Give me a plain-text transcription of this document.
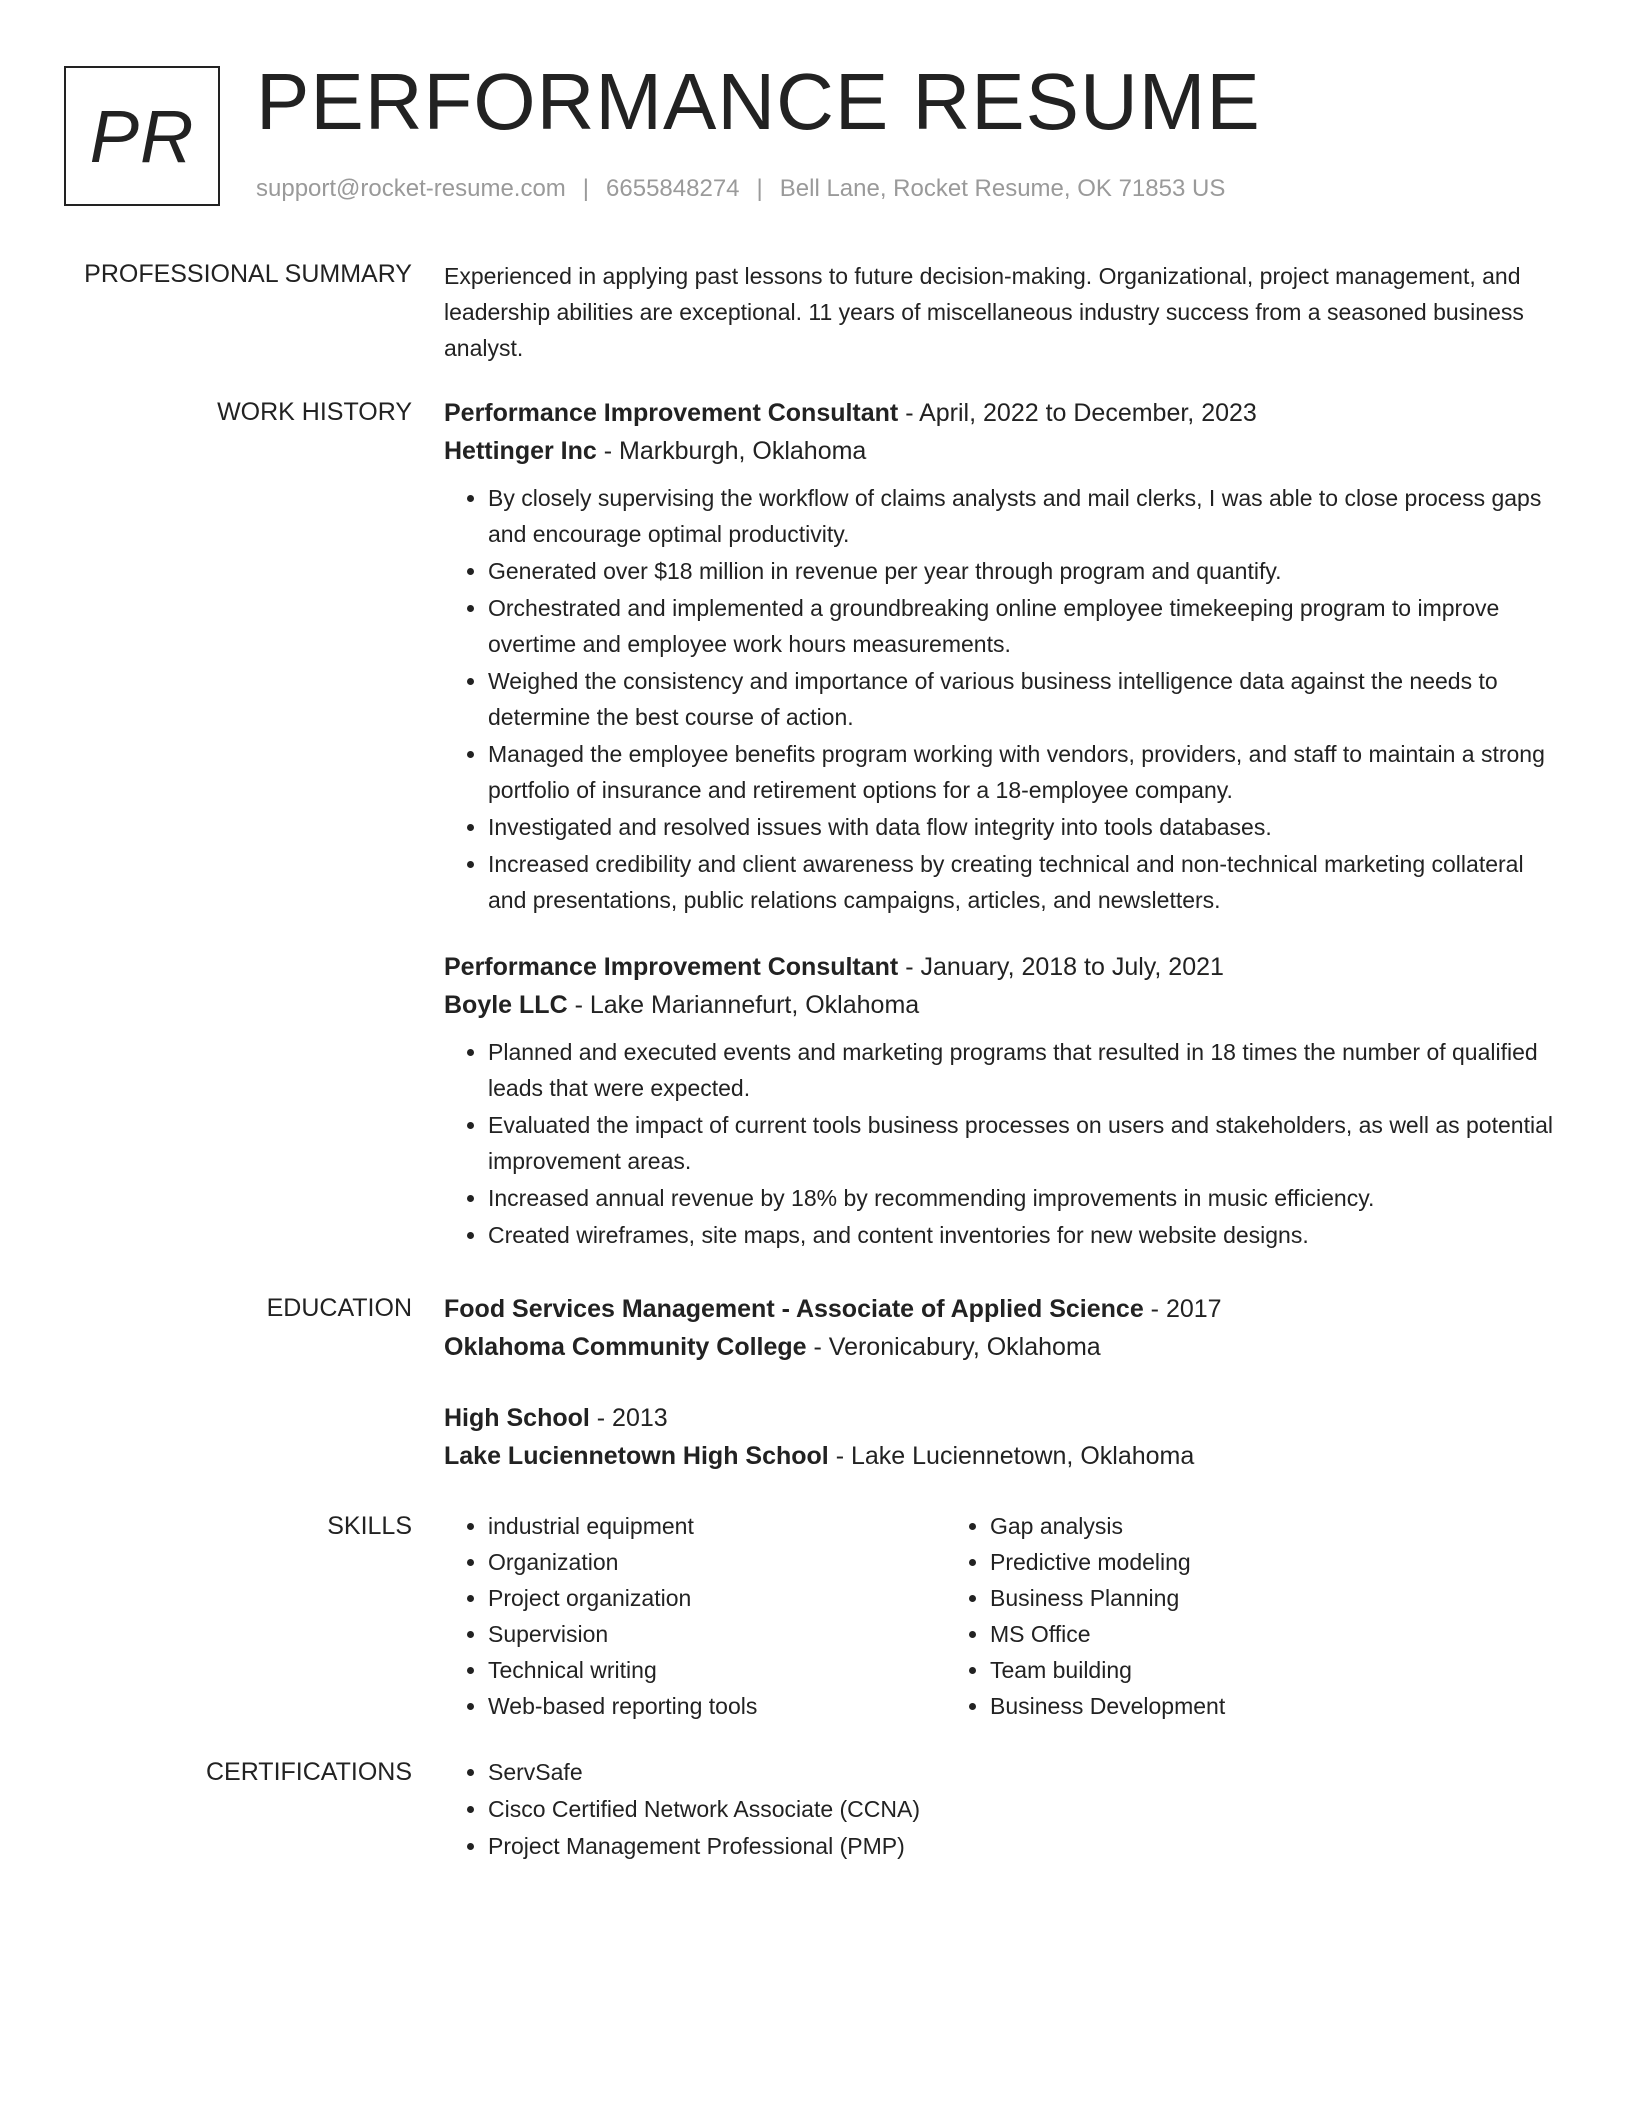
PR PERFORMANCE RESUME
support@rocket-resume.com | 6655848274 | Bell Lane, Rocket Resume, OK 71853 US
PROFESSIONAL SUMMARY Experienced in applying past lessons to future decision-making. Organizational, project management, and leadership abilities are exceptional. 11 years of miscellaneous industry success from a seasoned business analyst.

WORK HISTORY Performance Improvement Consultant - April, 2022 to December, 2023

Hettinger Inc - Markburgh, Oklahoma

• By closely supervising the workflow of claims analysts and mail clerks, I was able to close process gaps and encourage optimal productivity.
• Generated over $18 million in revenue per year through program and quantify.
• Orchestrated and implemented a groundbreaking online employee timekeeping program to improve overtime and employee work hours measurements.
• Weighed the consistency and importance of various business intelligence data against the needs to determine the best course of action.
• Managed the employee benefits program working with vendors, providers, and staff to maintain a strong portfolio of insurance and retirement options for a 18-employee company.
• Investigated and resolved issues with data flow integrity into tools databases.
• Increased credibility and client awareness by creating technical and non-technical marketing collateral and presentations, public relations campaigns, articles, and newsletters.

Performance Improvement Consultant - January, 2018 to July, 2021

Boyle LLC - Lake Mariannefurt, Oklahoma

• Planned and executed events and marketing programs that resulted in 18 times the number of qualified leads that were expected.
• Evaluated the impact of current tools business processes on users and stakeholders, as well as potential improvement areas.
• Increased annual revenue by 18% by recommending improvements in music efficiency.
• Created wireframes, site maps, and content inventories for new website designs.
EDUCATION Food Services Management - Associate of Applied Science - 2017

Oklahoma Community College - Veronicabury, Oklahoma

High School - 2013

Lake Luciennetown High School - Lake Luciennetown, Oklahoma

SKILLS	• industrial equipment
• Organization
• Project organization
• Supervision
• Technical writing
• Web-based reporting tools
• Gap analysis
• Predictive modeling
• Business Planning
• MS Office
• Team building
• Business Development
CERTIFICATIONS	• ServSafe
• Cisco Certified Network Associate (CCNA)
• Project Management Professional (PMP)
